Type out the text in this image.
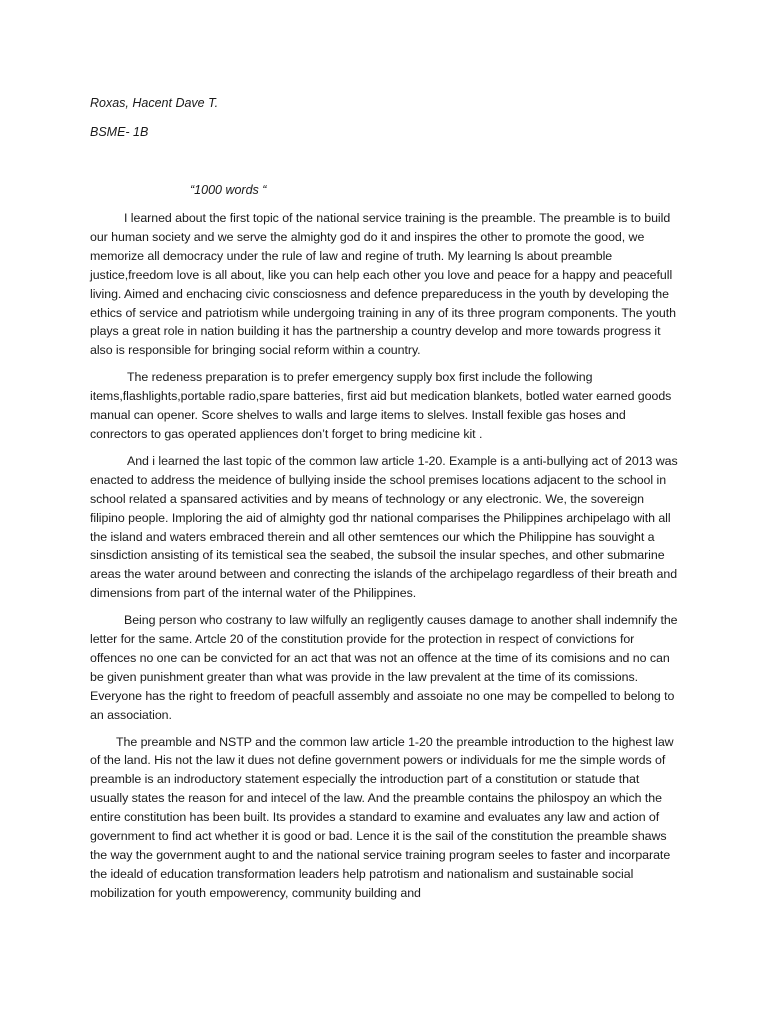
Roxas, Hacent Dave T.
BSME- 1B
“1000 words “

I learned about the first topic of the national service training is the preamble. The preamble is to build our human society and we serve the almighty god do it and inspires the other to promote the good, we memorize all democracy under the rule of law and regine of truth. My learning ls about preamble justice,freedom love is all about, like you can help each other you love and peace for a happy and peacefull living. Aimed and enchacing civic consciosness and defence prepareducess in the youth by developing the ethics of service and patriotism while undergoing training in any of its three program components. The youth plays a great role in nation building it has the partnership a country develop and more towards progress it also is responsible for bringing social reform within a country.

The redeness preparation is to prefer emergency supply box first include the following items,flashlights,portable radio,spare batteries, first aid but medication blankets, botled water earned goods manual can opener. Score shelves to walls and large items to slelves. Install fexible gas hoses and conrectors to gas operated appliences don’t forget to bring medicine kit .

And i learned the last topic of the common law article 1-20. Example is a anti-bullying act of 2013 was enacted to address the meidence of bullying inside the school premises locations adjacent to the school in school related a spansared activities and by means of technology or any electronic. We, the sovereign filipino people. Imploring the aid of almighty god thr national comparises the Philippines archipelago with all the island and waters embraced therein and all other semtences our which the Philippine has souvight a sinsdiction ansisting of its temistical sea the seabed, the subsoil the insular speches, and other submarine areas the water around between and conrecting the islands of the archipelago regardless of their breath and dimensions from part of the internal water of the Philippines.

Being person who costrany to law wilfully an regligently causes damage to another shall indemnify the letter for the same. Artcle 20 of the constitution provide for the protection in respect of convictions for offences no one can be convicted for an act that was not an offence at the time of its comisions and no can be given punishment greater than what was provide in the law prevalent at the time of its comissions. Everyone has the right to freedom of peacfull assembly and assoiate no one may be compelled to belong to an association.

The preamble and NSTP and the common law article 1-20 the preamble introduction to the highest law of the land. His not the law it dues not define government powers or individuals for me the simple words of preamble is an indroductory statement especially the introduction part of a constitution or statude that usually states the reason for and intecel of the law. And the preamble contains the philospoy an which the entire constitution has been built. Its provides a standard to examine and evaluates any law and action of government to find act whether it is good or bad. Lence it is the sail of the constitution the preamble shaws the way the government aught to and the national service training program seeles to faster and incorparate the ideald of education transformation leaders help patrotism and nationalism and sustainable social mobilization for youth empowerency, community building and
